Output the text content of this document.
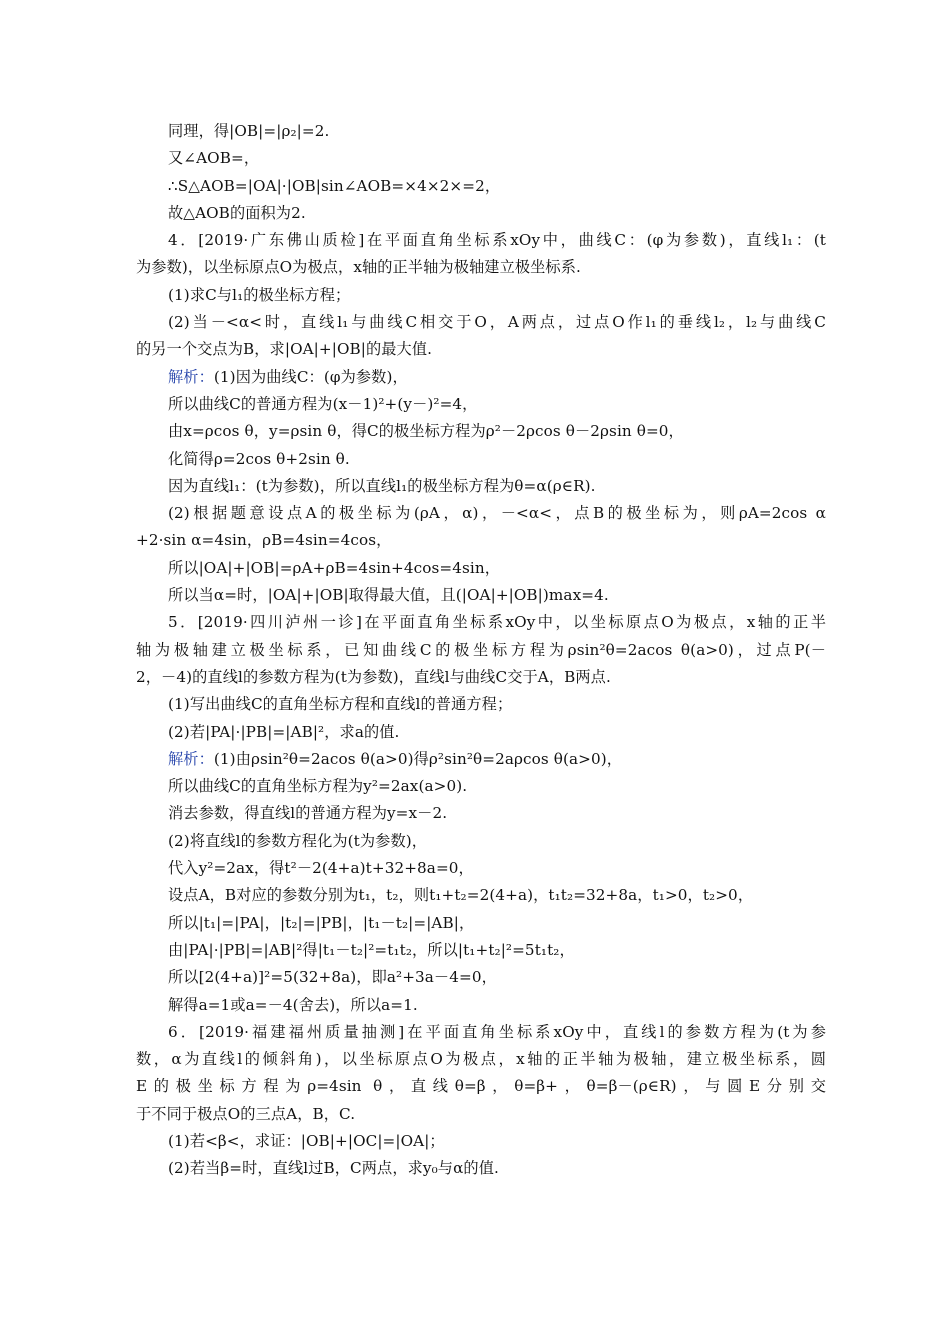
同理，得|OB|=|ρ₂|=2.
又∠AOB=，
∴S△AOB=|OA|·|OB|sin∠AOB=×4×2×=2，
故△AOB的面积为2.
4．[2019·广东佛山质检]在平面直角坐标系xOy中，曲线C：(φ为参数)，直线l₁：(t
为参数)，以坐标原点O为极点，x轴的正半轴为极轴建立极坐标系.
(1)求C与l₁的极坐标方程；
(2)当－<α<时，直线l₁与曲线C相交于O，A两点，过点O作l₁的垂线l₂，l₂与曲线C
的另一个交点为B，求|OA|+|OB|的最大值.
解析：(1)因为曲线C：(φ为参数)，
所以曲线C的普通方程为(x－1)²+(y－)²=4，
由x=ρcos θ，y=ρsin θ，得C的极坐标方程为ρ²－2ρcos θ－2ρsin θ=0，
化简得ρ=2cos θ+2sin θ.
因为直线l₁：(t为参数)，所以直线l₁的极坐标方程为θ=α(ρ∈R).
(2)根据题意设点A的极坐标为(ρA，α)，－<α<，点B的极坐标为，则ρA=2cos α
+2·sin α=4sin，ρB=4sin=4cos，
所以|OA|+|OB|=ρA+ρB=4sin+4cos=4sin，
所以当α=时，|OA|+|OB|取得最大值，且(|OA|+|OB|)max=4.
5．[2019·四川泸州一诊]在平面直角坐标系xOy中，以坐标原点O为极点，x轴的正半
轴为极轴建立极坐标系，已知曲线C的极坐标方程为ρsin²θ=2acos θ(a>0)，过点P(－
2，－4)的直线l的参数方程为(t为参数)，直线l与曲线C交于A，B两点.
(1)写出曲线C的直角坐标方程和直线l的普通方程；
(2)若|PA|·|PB|=|AB|²，求a的值.
解析：(1)由ρsin²θ=2acos θ(a>0)得ρ²sin²θ=2aρcos θ(a>0)，
所以曲线C的直角坐标方程为y²=2ax(a>0).
消去参数，得直线l的普通方程为y=x－2.
(2)将直线l的参数方程化为(t为参数)，
代入y²=2ax，得t²－2(4+a)t+32+8a=0，
设点A，B对应的参数分别为t₁，t₂，则t₁+t₂=2(4+a)，t₁t₂=32+8a，t₁>0，t₂>0，
所以|t₁|=|PA|，|t₂|=|PB|，|t₁－t₂|=|AB|，
由|PA|·|PB|=|AB|²得|t₁－t₂|²=t₁t₂，所以|t₁+t₂|²=5t₁t₂，
所以[2(4+a)]²=5(32+8a)，即a²+3a－4=0，
解得a=1或a=－4(舍去)，所以a=1.
6．[2019·福建福州质量抽测]在平面直角坐标系xOy中，直线l的参数方程为(t为参
数，α为直线l的倾斜角)，以坐标原点O为极点，x轴的正半轴为极轴，建立极坐标系，圆
E的极坐标方程为ρ=4sin θ，直线θ=β，θ=β+，θ=β－(ρ∈R)，与圆E分别交
于不同于极点O的三点A，B，C.
(1)若<β<，求证：|OB|+|OC|=|OA|；
(2)若当β=时，直线l过B，C两点，求y₀与α的值.
